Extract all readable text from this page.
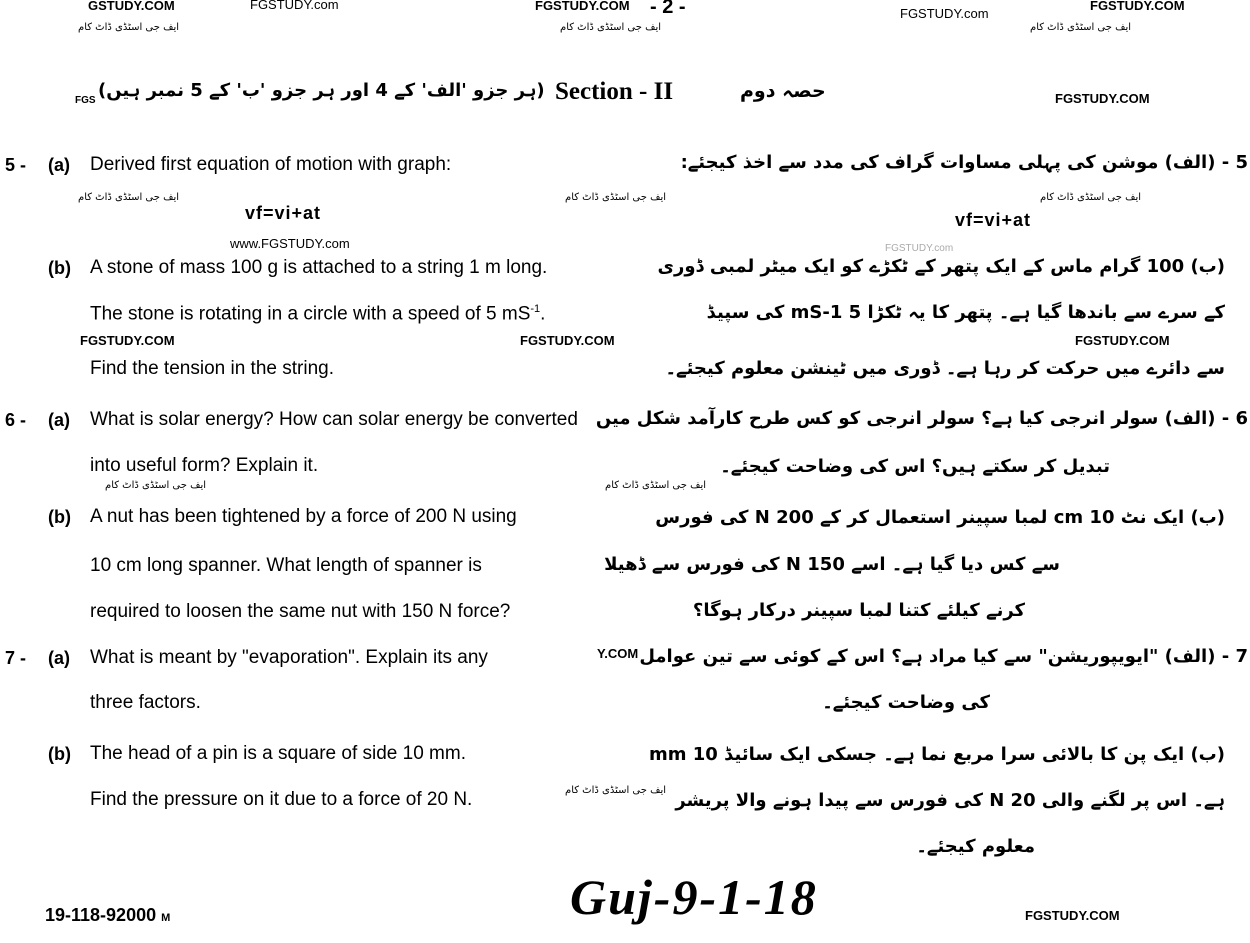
GSTUDY.COM	FGSTUDY.com	FGSTUDY.COM - 2 -	FGSTUDY.com
FGSTUDY.COM
ایف جی اسٹڈی ڈاٹ کام	ایف جی اسٹڈی ڈاٹ کام	ایف جی اسٹڈی ڈاٹ کام
FGS (ہر جزو 'الف' کے 4 اور ہر جزو 'ب' کے 5 نمبر ہیں) Section - II	حصہ دوم	FGSTUDY.COM
5 - (a) Derived first equation of motion with graph:	5 - (الف) موشن کی پہلی مساوات گراف کی مدد سے اخذ کیجئے:
ایف جی اسٹڈی ڈاٹ کام	ایف جی اسٹڈی ڈاٹ کام	ایف جی اسٹڈی ڈاٹ کام
vf=vi+at	vf=vi+at
www.FGSTUDY.com	FGSTUDY.com
(b) A stone of mass 100 g is attached to a string 1 m long.
The stone is rotating in a circle with a speed of 5 $mS^{-1}$.
Find the tension in the string.
(ب) 100 گرام ماس کے ایک پتھر کے ٹکڑے کو ایک میٹر لمبی ڈوری
کے سرے سے باندھا گیا ہے۔ پتھر کا یہ ٹکڑا 5 mS-1 کی سپیڈ
سے دائرے میں حرکت کر رہا ہے۔ ڈوری میں ٹینشن معلوم کیجئے۔
FGSTUDY.COM	FGSTUDY.COM	FGSTUDY.COM
6 - (a) What is solar energy? How can solar energy be converted
into useful form? Explain it.
6 - (الف) سولر انرجی کیا ہے؟ سولر انرجی کو کس طرح کارآمد شکل میں
تبدیل کر سکتے ہیں؟ اس کی وضاحت کیجئے۔
ایف جی اسٹڈی ڈاٹ کام	ایف جی اسٹڈی ڈاٹ کام
(b) A nut has been tightened by a force of 200 N using
10 cm long spanner. What length of spanner is
required to loosen the same nut with 150 N force?
(ب) ایک نٹ 10 cm لمبا سپینر استعمال کر کے 200 N کی فورس
سے کس دیا گیا ہے۔ اسے 150 N کی فورس سے ڈھیلا
کرنے کیلئے کتنا لمبا سپینر درکار ہوگا؟
7 - (a) What is meant by "evaporation". Explain its any	Y.COM
three factors.
7 - (الف) "ایویپوریشن" سے کیا مراد ہے؟ اس کے کوئی سے تین عوامل
کی وضاحت کیجئے۔
(b) The head of a pin is a square of side 10 mm.
Find the pressure on it due to a force of 20 N.	ایف جی اسٹڈی ڈاٹ کام
(ب) ایک پن کا بالائی سرا مربع نما ہے۔ جسکی ایک سائیڈ 10 mm
ہے۔ اس پر لگنے والی 20 N کی فورس سے پیدا ہونے والا پریشر
معلوم کیجئے۔
19-118-92000 M	Guj-9-1-18	FGSTUDY.COM
